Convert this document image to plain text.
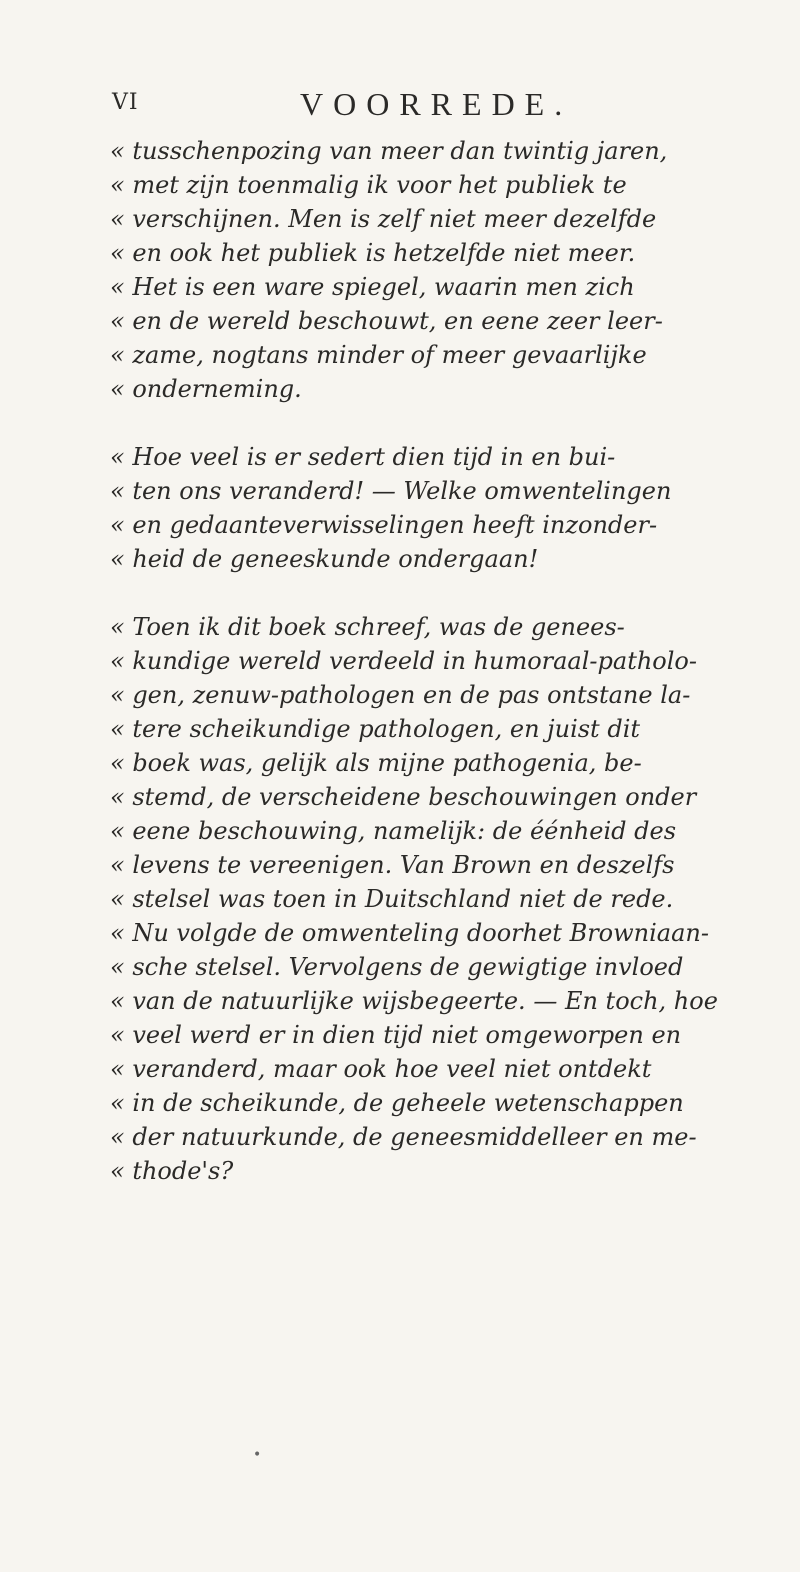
VI	VOORREDE.

« tusschenpozing van meer dan twintig jaren,
« met zijn toenmalig ik voor het publiek te
« verschijnen. Men is zelf niet meer dezelfde
« en ook het publiek is hetzelfde niet meer.
« Het is een ware spiegel, waarin men zich
« en de wereld beschouwt, en eene zeer leer-
« zame, nogtans minder of meer gevaarlijke
« onderneming.

« Hoe veel is er sedert dien tijd in en bui-
« ten ons veranderd! — Welke omwentelingen
« en gedaanteverwisselingen heeft inzonder-
« heid de geneeskunde ondergaan!

« Toen ik dit boek schreef, was de genees-
« kundige wereld verdeeld in humoraal-patholo-
« gen, zenuw-pathologen en de pas ontstane la-
« tere scheikundige pathologen, en juist dit
« boek was, gelijk als mijne pathogenia, be-
« stemd, de verscheidene beschouwingen onder
« eene beschouwing, namelijk: de éénheid des
« levens te vereenigen. Van Brown en deszelfs
« stelsel was toen in Duitschland niet de rede.
« Nu volgde de omwenteling doorhet Browniaan-
« sche stelsel. Vervolgens de gewigtige invloed
« van de natuurlijke wijsbegeerte. — En toch, hoe
« veel werd er in dien tijd niet omgeworpen en
« veranderd, maar ook hoe veel niet ontdekt
« in de scheikunde, de geheele wetenschappen
« der natuurkunde, de geneesmiddelleer en me-
« thode's?

•
